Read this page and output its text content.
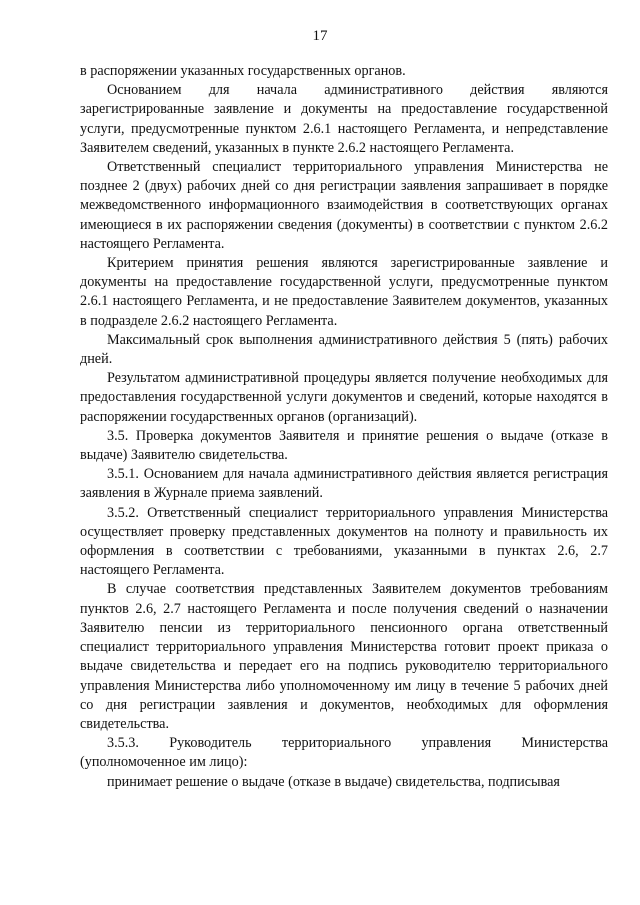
17

в распоряжении указанных государственных органов.

Основанием для начала административного действия являются зарегистрированные заявление и документы на предоставление государственной услуги, предусмотренные пунктом 2.6.1 настоящего Регламента, и непредставление Заявителем сведений, указанных в пункте 2.6.2 настоящего Регламента.

Ответственный специалист территориального управления Министерства не позднее 2 (двух) рабочих дней со дня регистрации заявления запрашивает в порядке межведомственного информационного взаимодействия в соответствующих органах имеющиеся в их распоряжении сведения (документы) в соответствии с пунктом 2.6.2 настоящего Регламента.

Критерием принятия решения являются зарегистрированные заявление и документы на предоставление государственной услуги, предусмотренные пунктом 2.6.1 настоящего Регламента, и не предоставление Заявителем документов, указанных в подразделе 2.6.2 настоящего Регламента.

Максимальный срок выполнения административного действия 5 (пять) рабочих дней.

Результатом административной процедуры является получение необходимых для предоставления государственной услуги документов и сведений, которые находятся в распоряжении государственных органов (организаций).

3.5. Проверка документов Заявителя и принятие решения о выдаче (отказе в выдаче) Заявителю свидетельства.

3.5.1. Основанием для начала административного действия является регистрация заявления в Журнале приема заявлений.

3.5.2. Ответственный специалист территориального управления Министерства осуществляет проверку представленных документов на полноту и правильность их оформления в соответствии с требованиями, указанными в пунктах 2.6, 2.7 настоящего Регламента.

В случае соответствия представленных Заявителем документов требованиям пунктов 2.6, 2.7 настоящего Регламента и после получения сведений о назначении Заявителю пенсии из территориального пенсионного органа ответственный специалист территориального управления Министерства готовит проект приказа о выдаче свидетельства и передает его на подпись руководителю территориального управления Министерства либо уполномоченному им лицу в течение 5 рабочих дней со дня регистрации заявления и документов, необходимых для оформления свидетельства.

3.5.3. Руководитель территориального управления Министерства (уполномоченное им лицо):

принимает решение о выдаче (отказе в выдаче) свидетельства, подписывая
